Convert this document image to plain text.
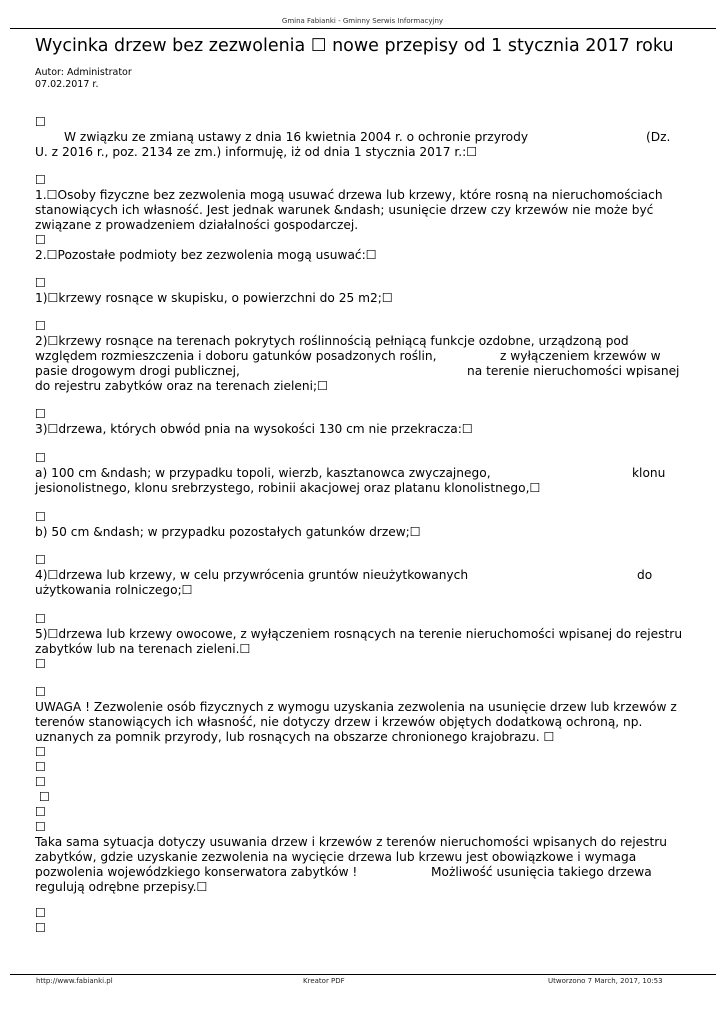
Gmina Fabianki - Gminny Serwis Informacyjny
Wycinka drzew bez zezwolenia ☐ nowe przepisy od 1 stycznia 2017 roku
Autor: Administrator
07.02.2017 r.
☐

W związku ze zmianą ustawy z dnia 16 kwietnia 2004 r. o ochronie przyrody	(Dz.

U. z 2016 r., poz. 2134 ze zm.) informuję, iż od dnia 1 stycznia 2017 r.:☐

☐

1.☐Osoby fizyczne bez zezwolenia mogą usuwać drzewa lub krzewy, które rosną na nieruchomościach

stanowiących ich własność. Jest jednak warunek &ndash; usunięcie drzew czy krzewów nie może być

związane z prowadzeniem działalności gospodarczej.

☐

2.☐Pozostałe podmioty bez zezwolenia mogą usuwać:☐

☐

1)☐krzewy rosnące w skupisku, o powierzchni do 25 m2;☐

☐

2)☐krzewy rosnące na terenach pokrytych roślinnością pełniącą funkcje ozdobne, urządzoną pod

względem rozmieszczenia i doboru gatunków posadzonych roślin,	z wyłączeniem krzewów w

pasie drogowym drogi publicznej,	na terenie nieruchomości wpisanej

do rejestru zabytków oraz na terenach zieleni;☐

☐

3)☐drzewa, których obwód pnia na wysokości 130 cm nie przekracza:☐

☐

a) 100 cm &ndash; w przypadku topoli, wierzb, kasztanowca zwyczajnego,	klonu

jesionolistnego, klonu srebrzystego, robinii akacjowej oraz platanu klonolistnego,☐

☐

b) 50 cm &ndash; w przypadku pozostałych gatunków drzew;☐

☐

4)☐drzewa lub krzewy, w celu przywrócenia gruntów nieużytkowanych	do

użytkowania rolniczego;☐

☐

5)☐drzewa lub krzewy owocowe, z wyłączeniem rosnących na terenie nieruchomości wpisanej do rejestru

zabytków lub na terenach zieleni.☐

☐

☐

UWAGA ! Zezwolenie osób fizycznych z wymogu uzyskania zezwolenia na usunięcie drzew lub krzewów z

terenów stanowiących ich własność, nie dotyczy drzew i krzewów objętych dodatkową ochroną, np.

uznanych za pomnik przyrody, lub rosnących na obszarze chronionego krajobrazu. ☐

☐

☐

☐

☐

☐

☐

Taka sama sytuacja dotyczy usuwania drzew i krzewów z terenów nieruchomości wpisanych do rejestru

zabytków, gdzie uzyskanie zezwolenia na wycięcie drzewa lub krzewu jest obowiązkowe i wymaga

pozwolenia wojewódzkiego konserwatora zabytków !	Możliwość usunięcia takiego drzewa

regulują odrębne przepisy.☐

☐
☐
http://www.fabianki.pl	Kreator PDF	Utworzono 7 March, 2017, 10:53
